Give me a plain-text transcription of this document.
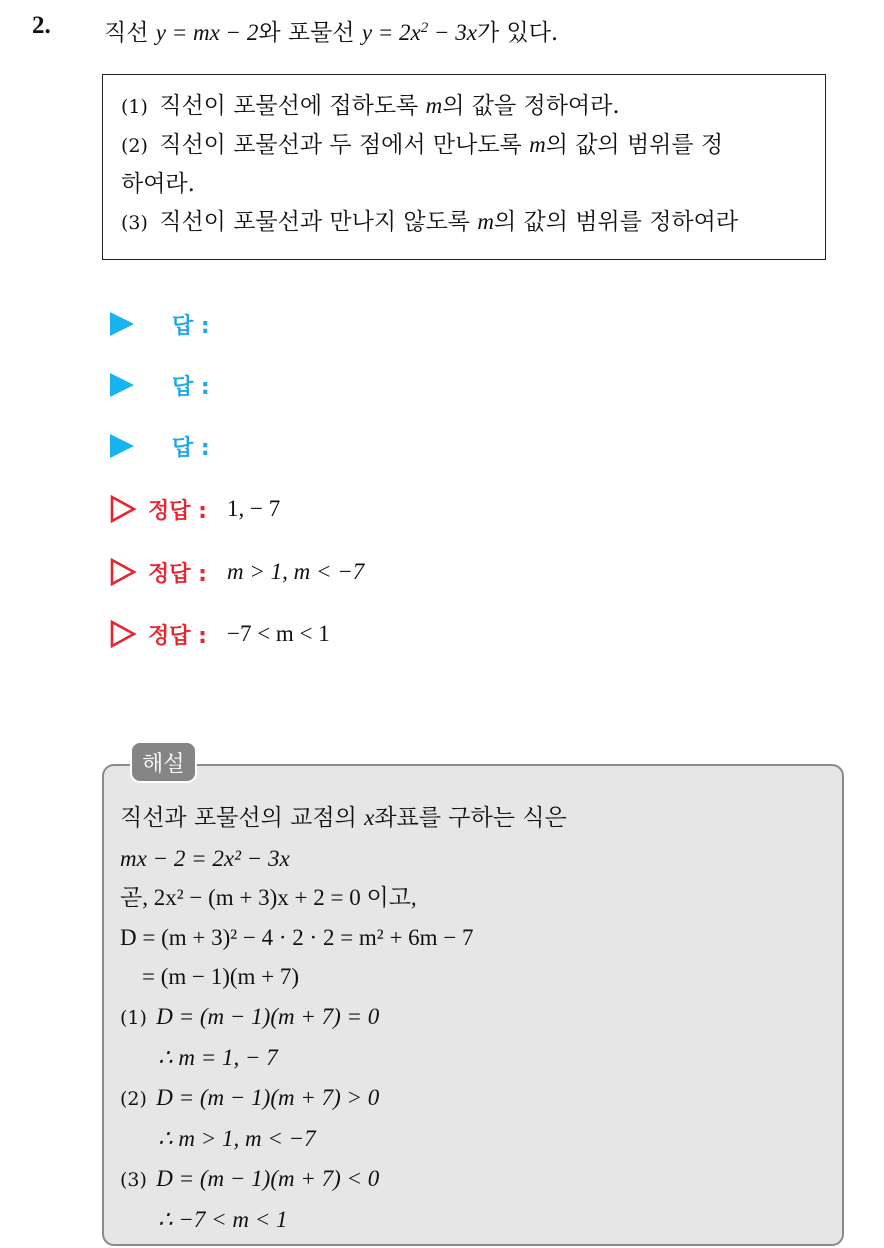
2. 직선 y = mx − 2와 포물선 $y = 2x^2 - 3x$가 있다.
(1) 직선이 포물선에 접하도록 m의 값을 정하여라.
(2) 직선이 포물선과 두 점에서 만나도록 m의 값의 범위를 정
하여라.
(3) 직선이 포물선과 만나지 않도록 m의 값의 범위를 정하여라
답 :
답 :
답 :
정답 : 1, − 7
정답 : m > 1, m < −7
정답 : −7 < m < 1
해설
직선과 포물선의 교점의 x좌표를 구하는 식은
mx − 2 = 2x² − 3x
곧, 2x² − (m + 3)x + 2 = 0 이고,
D = (m + 3)² − 4 · 2 · 2 = m² + 6m − 7
= (m − 1)(m + 7)
(1) D = (m − 1)(m + 7) = 0
∴ m = 1, − 7
(2) D = (m − 1)(m + 7) > 0
∴ m > 1, m < −7
(3) D = (m − 1)(m + 7) < 0
∴ −7 < m < 1
